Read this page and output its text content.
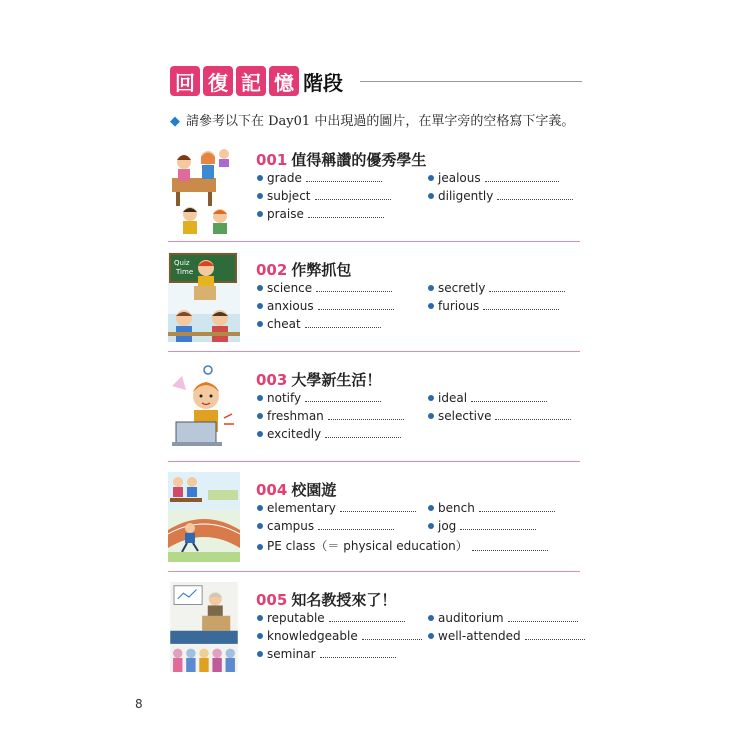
回 復 記 憶 階段
◆ 請參考以下在 Day01 中出現過的圖片，在單字旁的空格寫下字義。
001 值得稱讚的優秀學生
grade
subject
praise
jealous
diligently
Quiz
Time	002 作弊抓包
science
anxious
cheat
secretly
furious
003 大學新生活！
notify
freshman
excitedly
ideal
selective
004 校園遊
elementary
campus
PE class（＝ physical education）
bench
jog
005 知名教授來了！
reputable
knowledgeable
seminar
auditorium
well-attended
8
